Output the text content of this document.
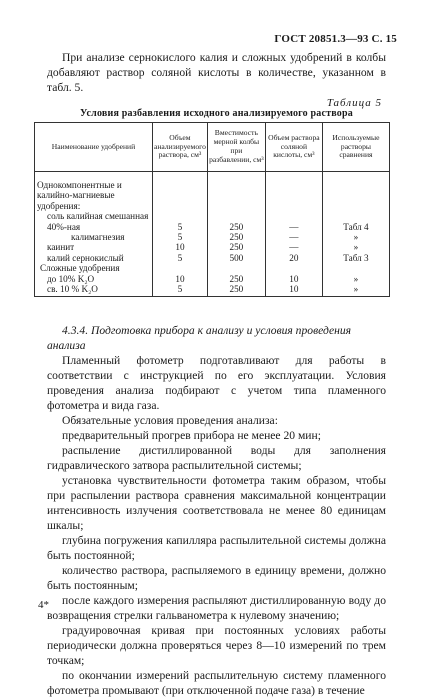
ГОСТ 20851.3—93 С. 15
При анализе сернокислого калия и сложных удобрений в колбы добавляют раствор соляной кислоты в количестве, указанном в табл. 5.
Таблица 5
Условия разбавления исходного анализируемого раствора
Наименование удобрений	Объем анализируемого раствора, см³	Вместимость мерной колбы при разбавлении, см³	Объем раствора соляной кислоты, см³	Используемые растворы сравнения
Однокомпонентные и калийно-магниевые удобрения:				
соль калийная смешанная 40%-ная	5	250	—	Табл 4
калимагнезия	5	250	—	»
каинит	10	250	—	»
калий сернокислый	5	500	20	Табл 3
Сложные удобрения				
до 10% K₂O	10	250	10	»
св. 10 % K₂O	5	250	10	»
4.3.4. Подготовка прибора к анализу и условия проведения анализа

Пламенный фотометр подготавливают для работы в соответствии с инструкцией по его эксплуатации. Условия проведения анализа подбирают с учетом типа пламенного фотометра и вида газа.

Обязательные условия проведения анализа:

предварительный прогрев прибора не менее 20 мин;

распыление дистиллированной воды для заполнения гидравлического затвора распылительной системы;

установка чувствительности фотометра таким образом, чтобы при распылении раствора сравнения максимальной концентрации интенсивность излучения соответствовала не менее 80 единицам шкалы;

глубина погружения капилляра распылительной системы должна быть постоянной;

количество раствора, распыляемого в единицу времени, должно быть постоянным;

после каждого измерения распыляют дистиллированную воду до возвращения стрелки гальванометра к нулевому значению;

градуировочная кривая при постоянных условиях работы периодически должна проверяться через 8—10 измерений по трем точкам;

по окончании измерений распылительную систему пламенного фотометра промывают (при отключенной подаче газа) в течение

4*
